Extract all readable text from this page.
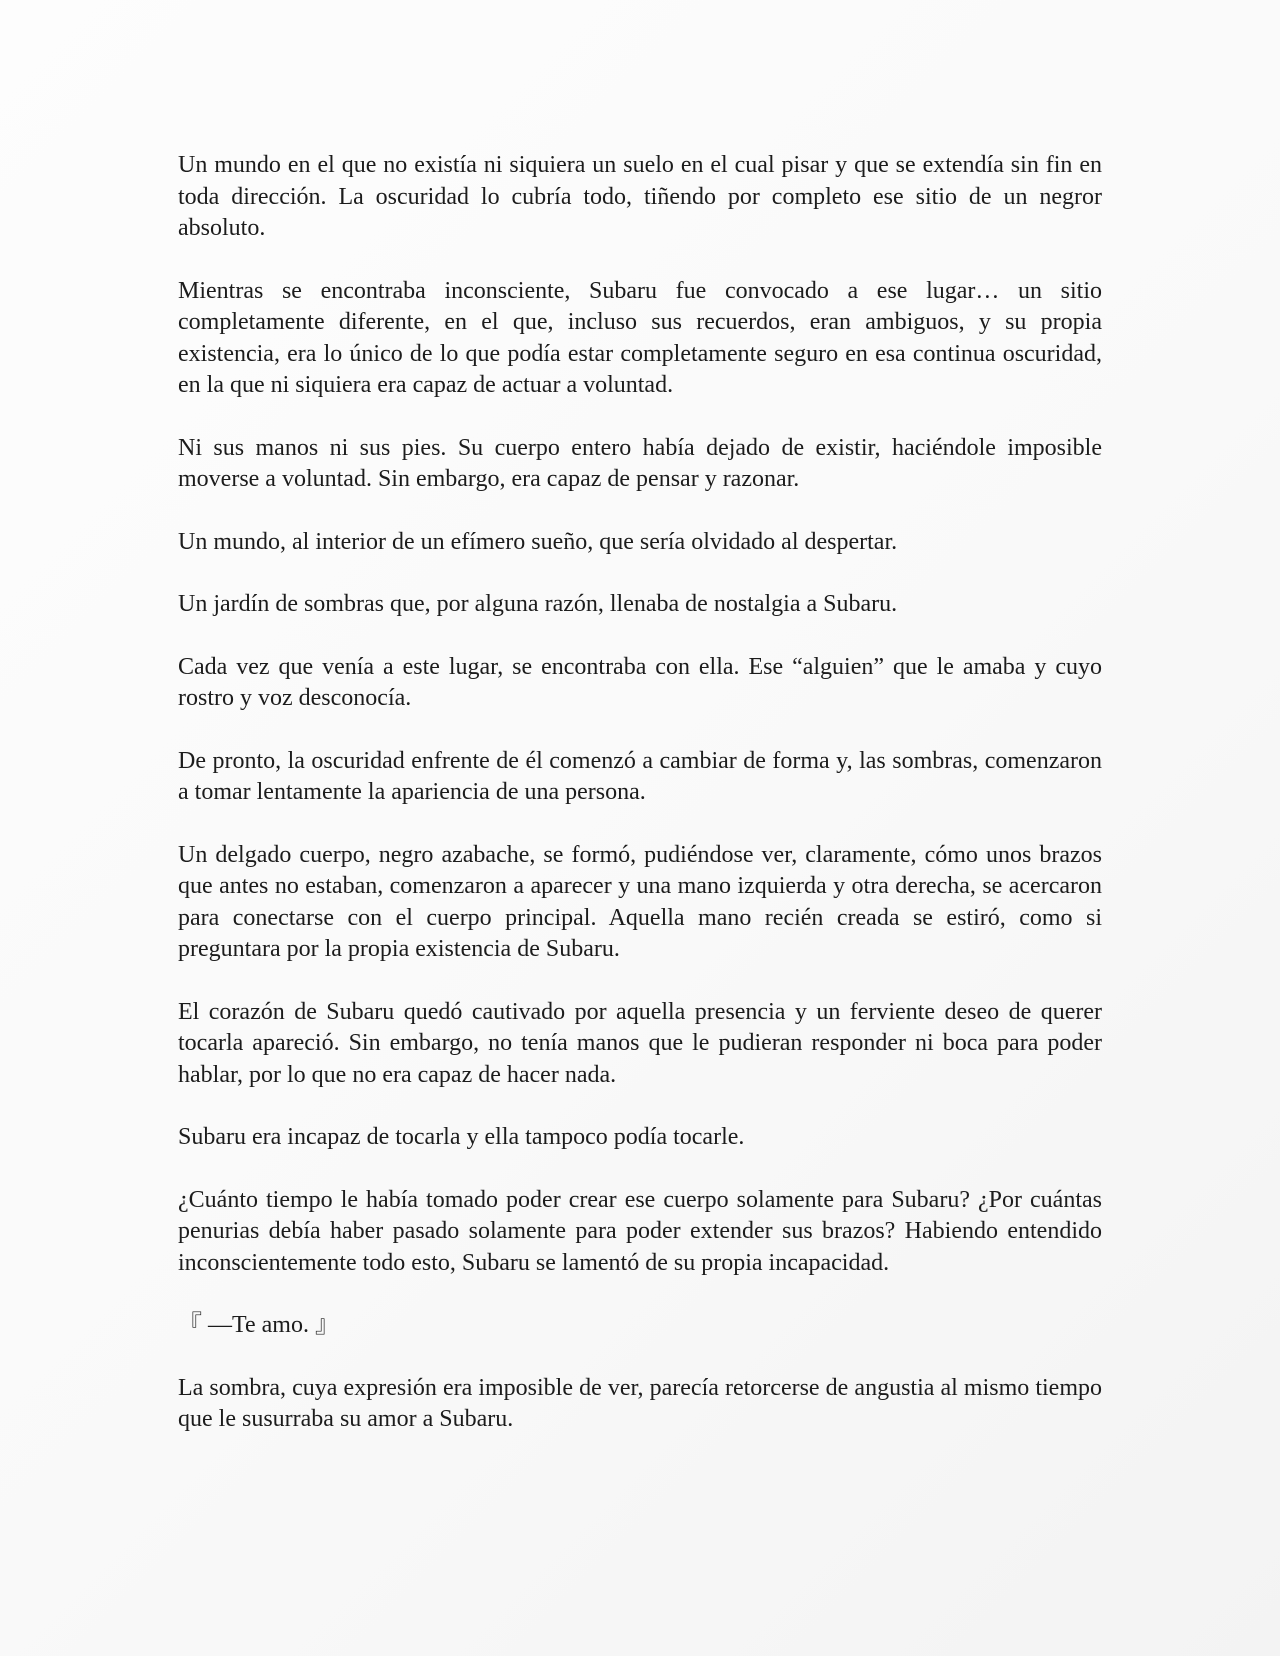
Un mundo en el que no existía ni siquiera un suelo en el cual pisar y que se extendía sin fin en toda dirección. La oscuridad lo cubría todo, tiñendo por completo ese sitio de un negror absoluto.

Mientras se encontraba inconsciente, Subaru fue convocado a ese lugar… un sitio completamente diferente, en el que, incluso sus recuerdos, eran ambiguos, y su propia existencia, era lo único de lo que podía estar completamente seguro en esa continua oscuridad, en la que ni siquiera era capaz de actuar a voluntad.

Ni sus manos ni sus pies. Su cuerpo entero había dejado de existir, haciéndole imposible moverse a voluntad. Sin embargo, era capaz de pensar y razonar.

Un mundo, al interior de un efímero sueño, que sería olvidado al despertar.

Un jardín de sombras que, por alguna razón, llenaba de nostalgia a Subaru.

Cada vez que venía a este lugar, se encontraba con ella. Ese “alguien” que le amaba y cuyo rostro y voz desconocía.

De pronto, la oscuridad enfrente de él comenzó a cambiar de forma y, las sombras, comenzaron a tomar lentamente la apariencia de una persona.

Un delgado cuerpo, negro azabache, se formó, pudiéndose ver, claramente, cómo unos brazos que antes no estaban, comenzaron a aparecer y una mano izquierda y otra derecha, se acercaron para conectarse con el cuerpo principal. Aquella mano recién creada se estiró, como si preguntara por la propia existencia de Subaru.

El corazón de Subaru quedó cautivado por aquella presencia y un ferviente deseo de querer tocarla apareció. Sin embargo, no tenía manos que le pudieran responder ni boca para poder hablar, por lo que no era capaz de hacer nada.

Subaru era incapaz de tocarla y ella tampoco podía tocarle.

¿Cuánto tiempo le había tomado poder crear ese cuerpo solamente para Subaru? ¿Por cuántas penurias debía haber pasado solamente para poder extender sus brazos? Habiendo entendido inconscientemente todo esto, Subaru se lamentó de su propia incapacidad.

『 —Te amo. 』

La sombra, cuya expresión era imposible de ver, parecía retorcerse de angustia al mismo tiempo que le susurraba su amor a Subaru.
